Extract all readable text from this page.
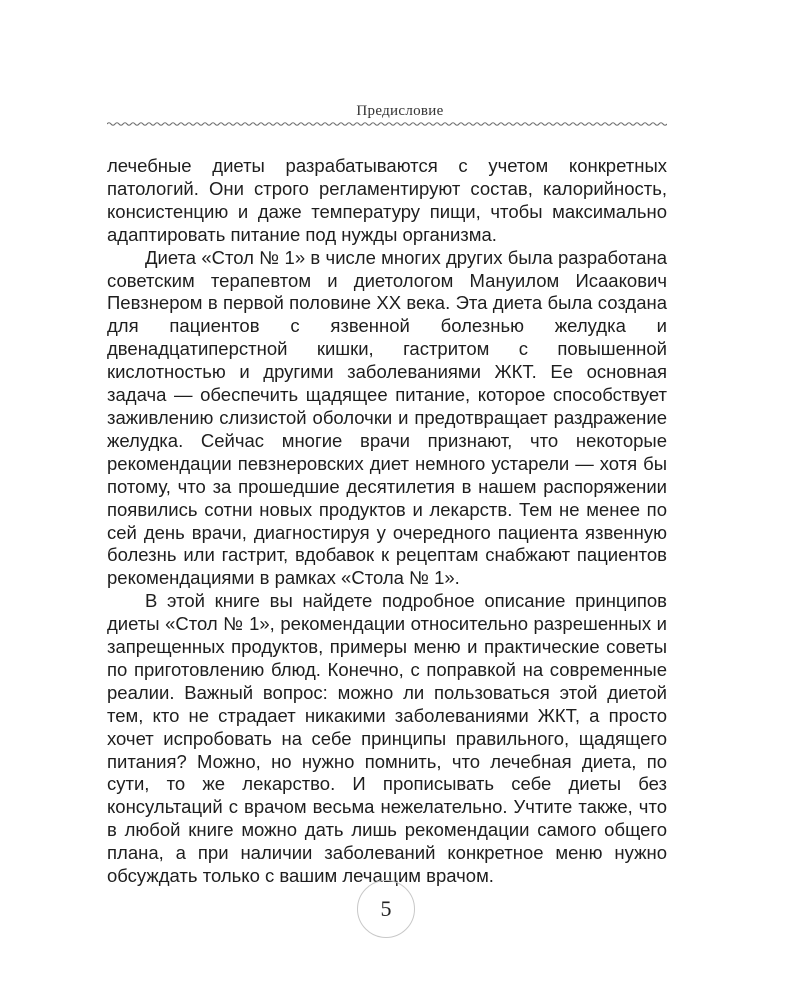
Предисловие

лечебные диеты разрабатываются с учетом конкретных патологий. Они строго регламентируют состав, калорийность, консистенцию и даже температуру пищи, чтобы максимально адаптировать питание под нужды организма.

Диета «Стол № 1» в числе многих других была разработана советским терапевтом и диетологом Мануилом Исаакович Певзнером в первой половине XX века. Эта диета была создана для пациентов с язвенной болезнью желудка и двенадцатиперстной кишки, гастритом с повышенной кислотностью и другими заболеваниями ЖКТ. Ее основная задача — обеспечить щадящее питание, которое способствует заживлению слизистой оболочки и предотвращает раздражение желудка. Сейчас многие врачи признают, что некоторые рекомендации певзнеровских диет немного устарели — хотя бы потому, что за прошедшие десятилетия в нашем распоряжении появились сотни новых продуктов и лекарств. Тем не менее по сей день врачи, диагностируя у очередного пациента язвенную болезнь или гастрит, вдобавок к рецептам снабжают пациентов рекомендациями в рамках «Стола № 1».

В этой книге вы найдете подробное описание принципов диеты «Стол № 1», рекомендации относительно разрешенных и запрещенных продуктов, примеры меню и практические советы по приготовлению блюд. Конечно, с поправкой на современные реалии. Важный вопрос: можно ли пользоваться этой диетой тем, кто не страдает никакими заболеваниями ЖКТ, а просто хочет испробовать на себе принципы правильного, щадящего питания? Можно, но нужно помнить, что лечебная диета, по сути, то же лекарство. И прописывать себе диеты без консультаций с врачом весьма нежелательно. Учтите также, что в любой книге можно дать лишь рекомендации самого общего плана, а при наличии заболеваний конкретное меню нужно обсуждать только с вашим лечащим врачом.

5
